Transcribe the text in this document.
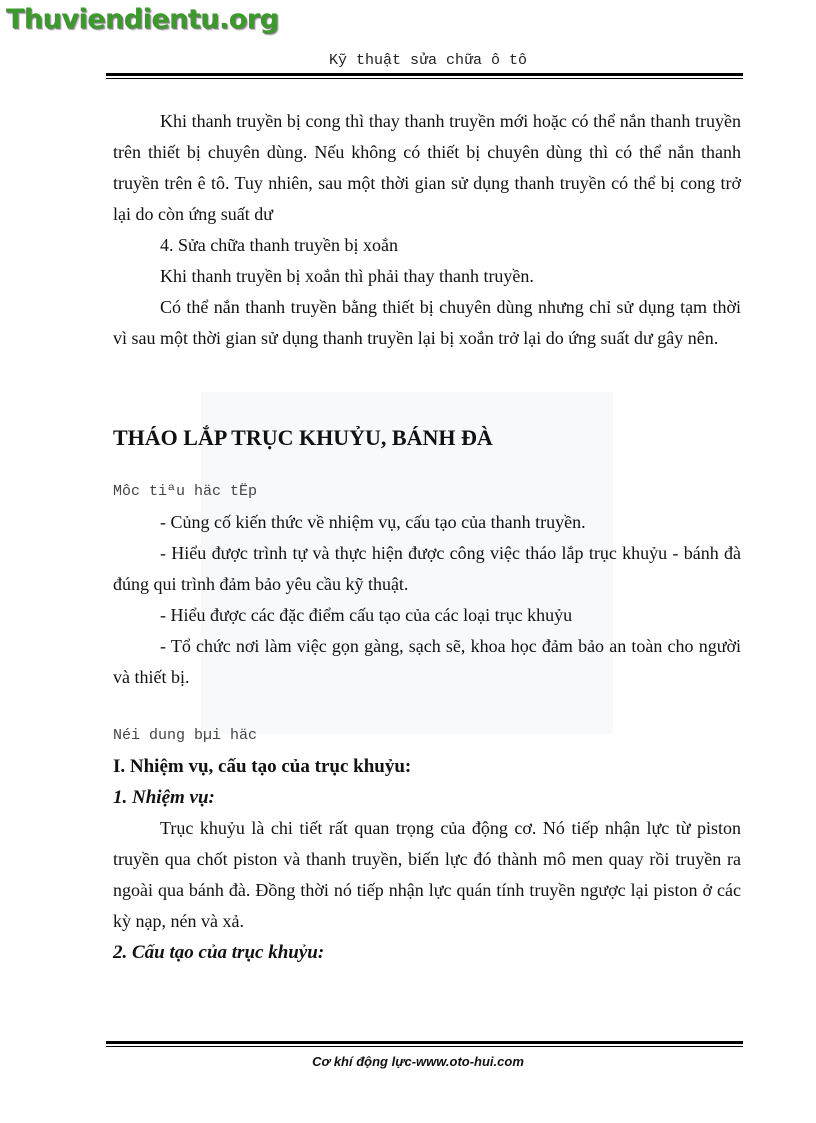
Thuviendientu.org
Kỹ thuật sửa chữa ô tô

Khi thanh truyền bị cong thì thay thanh truyền mới hoặc có thể nắn thanh truyền trên thiết bị chuyên dùng. Nếu không có thiết bị chuyên dùng thì có thể nắn thanh truyền trên ê tô. Tuy nhiên, sau một thời gian sử dụng thanh truyền có thể bị cong trở lại do còn ứng suất dư

4. Sửa chữa thanh truyền bị xoắn

Khi thanh truyền bị xoắn thì phải thay thanh truyền.

Có thể nắn thanh truyền bằng thiết bị chuyên dùng nhưng chỉ sử dụng tạm thời vì sau một thời gian sử dụng thanh truyền lại bị xoắn trở lại do ứng suất dư gây nên.

THÁO LẮP TRỤC KHUỶU, BÁNH ĐÀ

Môc tiªu häc tËp

- Củng cố kiến thức về nhiệm vụ, cấu tạo của thanh truyền.

- Hiểu được trình tự và thực hiện được công việc tháo lắp trục khuỷu - bánh đà đúng qui trình đảm bảo yêu cầu kỹ thuật.

- Hiểu được các đặc điểm cấu tạo của các loại trục khuỷu

- Tổ chức nơi làm việc gọn gàng, sạch sẽ, khoa học đảm bảo an toàn cho người và thiết bị.

Néi dung bµi häc

I. Nhiệm vụ, cấu tạo của trục khuỷu:

1. Nhiệm vụ:

Trục khuỷu là chi tiết rất quan trọng của động cơ. Nó tiếp nhận lực từ piston truyền qua chốt piston và thanh truyền, biến lực đó thành mô men quay rồi truyền ra ngoài qua bánh đà. Đồng thời nó tiếp nhận lực quán tính truyền ngược lại piston ở các kỳ nạp, nén và xả.

2. Cấu tạo của trục khuỷu:

Cơ khí động lực-www.oto-hui.com
